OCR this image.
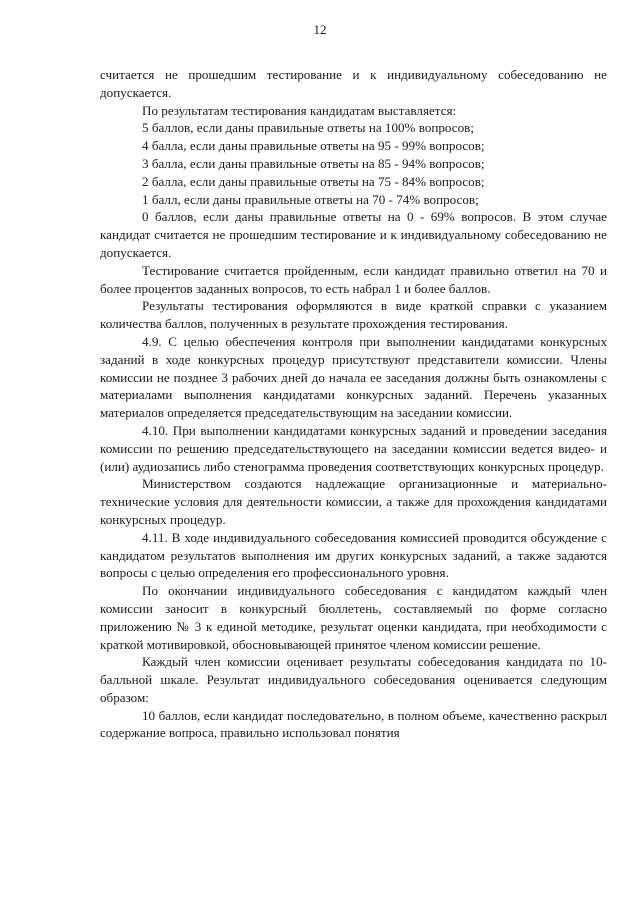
12

считается не прошедшим тестирование и к индивидуальному собеседованию не допускается.

По результатам тестирования кандидатам выставляется:

5 баллов, если даны правильные ответы на 100% вопросов;

4 балла, если даны правильные ответы на 95 - 99% вопросов;

3 балла, если даны правильные ответы на 85 - 94% вопросов;

2 балла, если даны правильные ответы на 75 - 84% вопросов;

1 балл, если даны правильные ответы на 70 - 74% вопросов;

0 баллов, если даны правильные ответы на 0 - 69% вопросов. В этом случае кандидат считается не прошедшим тестирование и к индивидуальному собеседованию не допускается.

Тестирование считается пройденным, если кандидат правильно ответил на 70 и более процентов заданных вопросов, то есть набрал 1 и более баллов.

Результаты тестирования оформляются в виде краткой справки с указанием количества баллов, полученных в результате прохождения тестирования.

4.9. С целью обеспечения контроля при выполнении кандидатами конкурсных заданий в ходе конкурсных процедур присутствуют представители комиссии. Члены комиссии не позднее 3 рабочих дней до начала ее заседания должны быть ознакомлены с материалами выполнения кандидатами конкурсных заданий. Перечень указанных материалов определяется председательствующим на заседании комиссии.

4.10. При выполнении кандидатами конкурсных заданий и проведении заседания комиссии по решению председательствующего на заседании комиссии ведется видео- и (или) аудиозапись либо стенограмма проведения соответствующих конкурсных процедур.

Министерством создаются надлежащие организационные и материально-технические условия для деятельности комиссии, а также для прохождения кандидатами конкурсных процедур.

4.11. В ходе индивидуального собеседования комиссией проводится обсуждение с кандидатом результатов выполнения им других конкурсных заданий, а также задаются вопросы с целью определения его профессионального уровня.

По окончании индивидуального собеседования с кандидатом каждый член комиссии заносит в конкурсный бюллетень, составляемый по форме согласно приложению № 3 к единой методике, результат оценки кандидата, при необходимости с краткой мотивировкой, обосновывающей принятое членом комиссии решение.

Каждый член комиссии оценивает результаты собеседования кандидата по 10-балльной шкале. Результат индивидуального собеседования оценивается следующим образом:

10 баллов, если кандидат последовательно, в полном объеме, качественно раскрыл содержание вопроса, правильно использовал понятия
